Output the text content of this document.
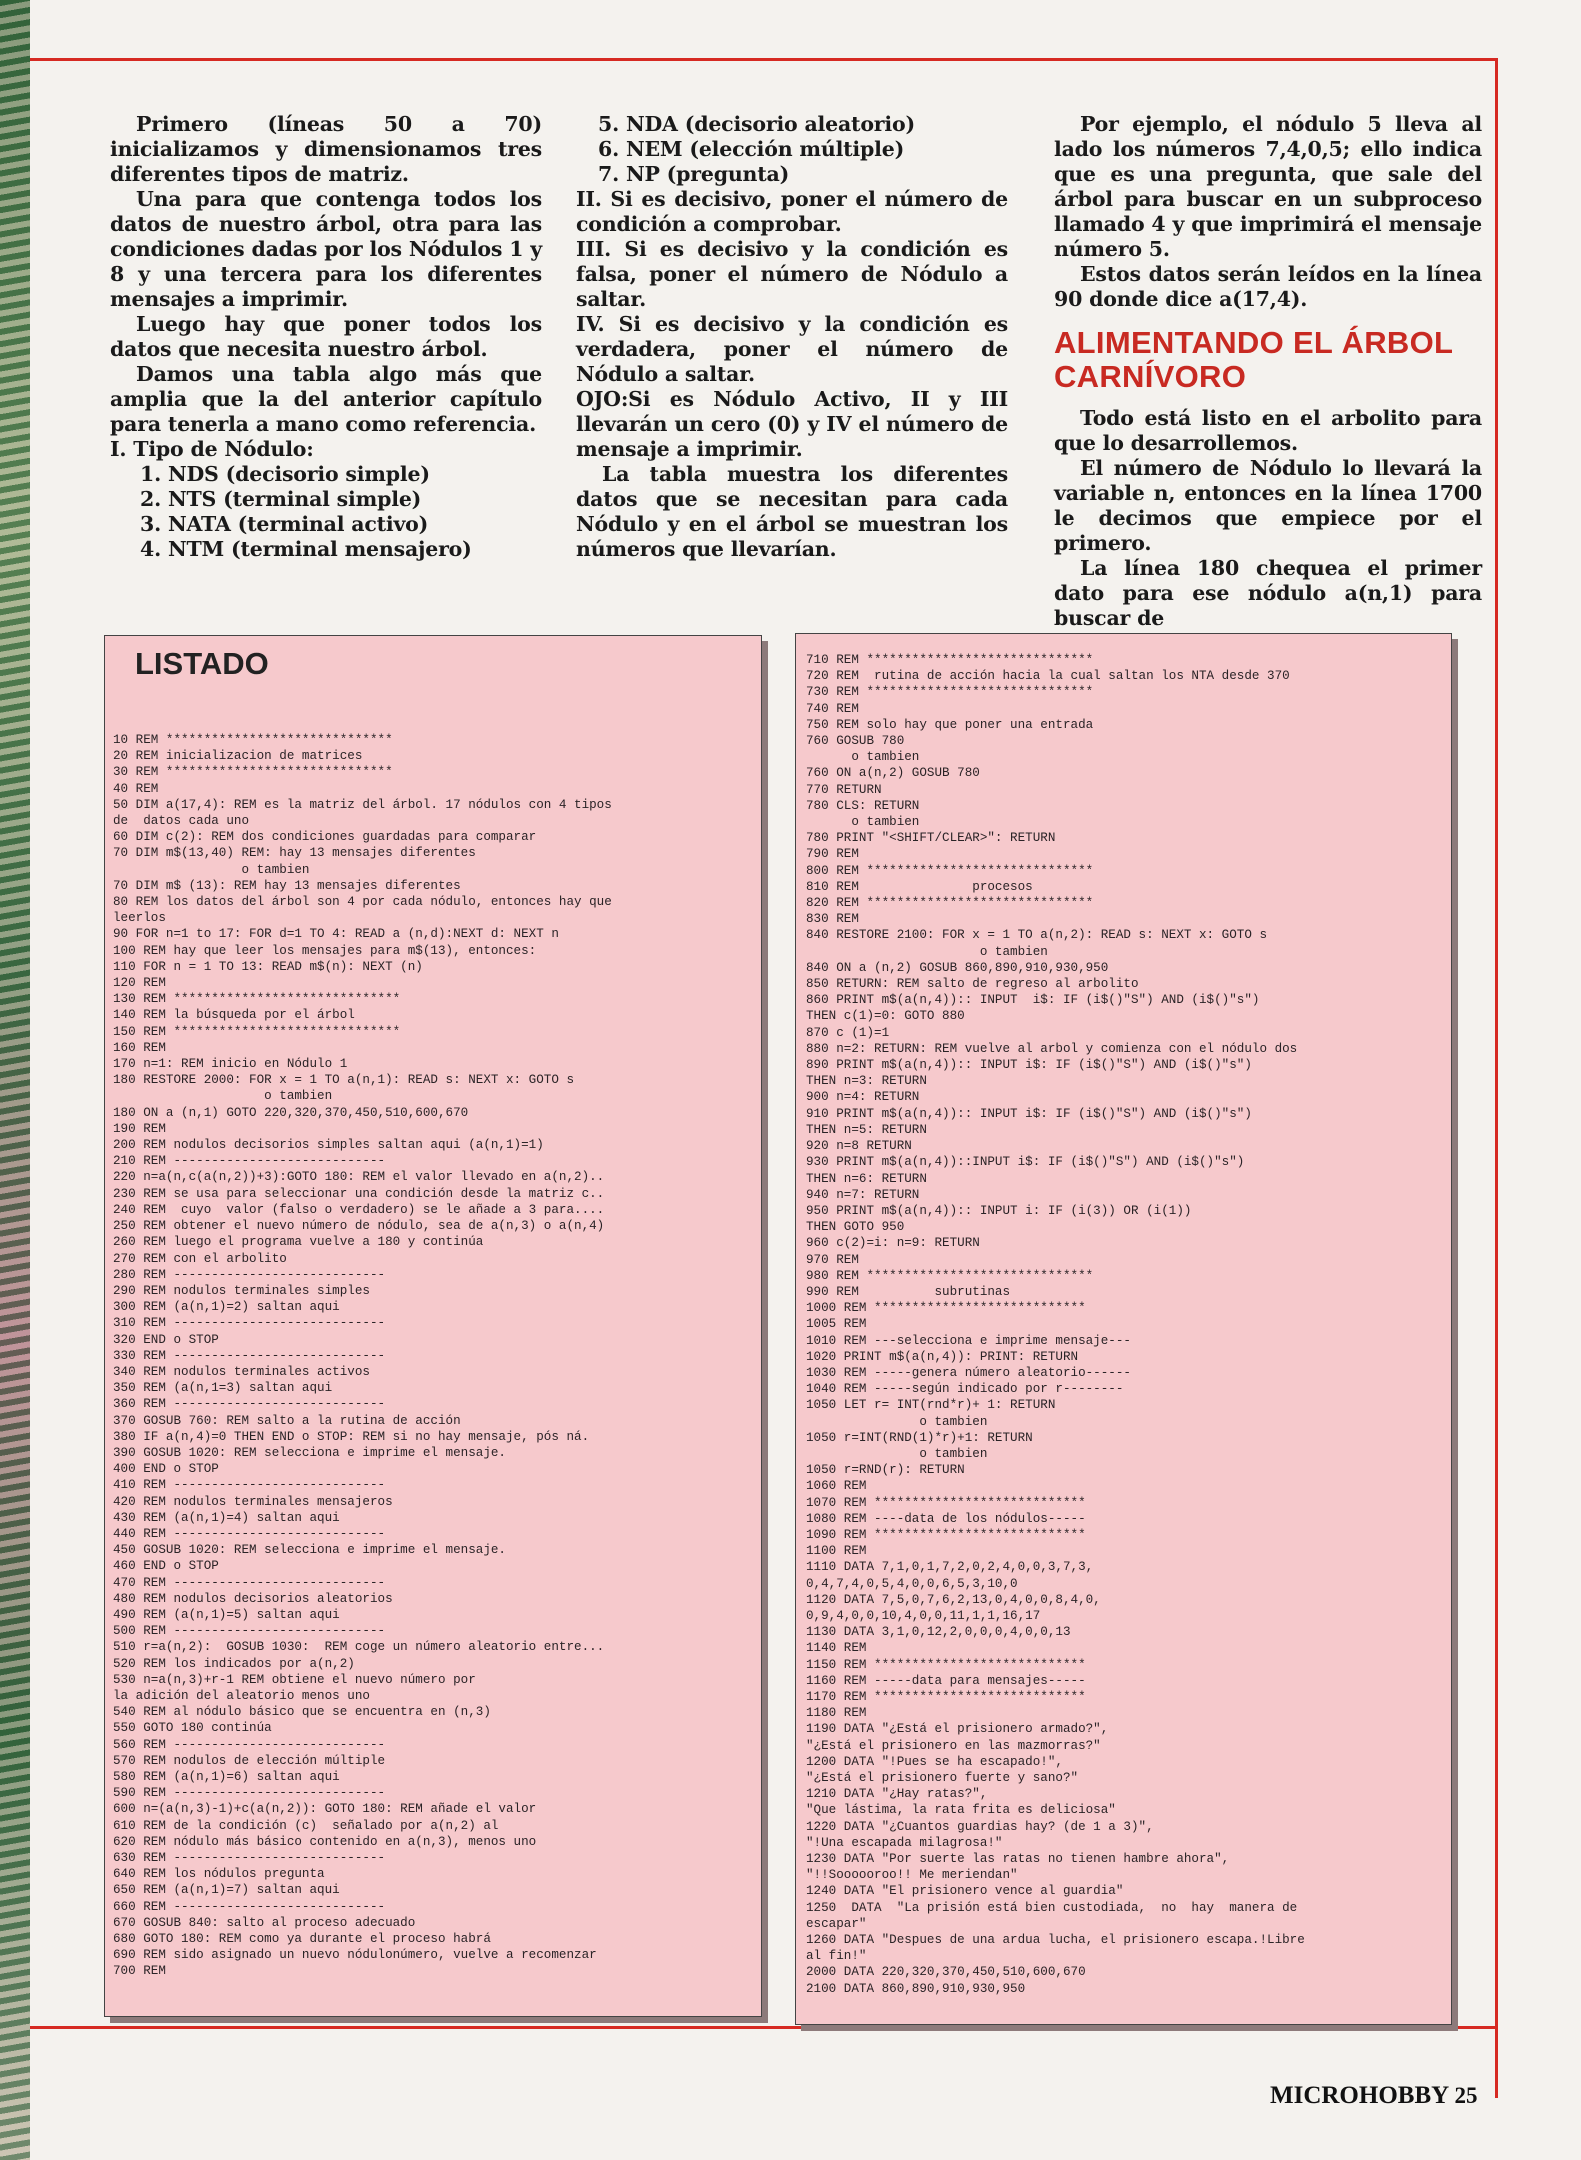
Primero (líneas 50 a 70) inicializamos y dimensionamos tres diferentes tipos de matriz.

Una para que contenga todos los datos de nuestro árbol, otra para las condiciones dadas por los Nódulos 1 y 8 y una tercera para los diferentes mensajes a imprimir.

Luego hay que poner todos los datos que necesita nuestro árbol.

Damos una tabla algo más que amplia que la del anterior capítulo para tenerla a mano como referencia.

I. Tipo de Nódulo:

1. NDS (decisorio simple)

2. NTS (terminal simple)

3. NATA (terminal activo)

4. NTM (terminal mensajero)

5. NDA (decisorio aleatorio)

6. NEM (elección múltiple)

7. NP (pregunta)

II. Si es decisivo, poner el número de condición a comprobar.

III. Si es decisivo y la condición es falsa, poner el número de Nódulo a saltar.

IV. Si es decisivo y la condición es verdadera, poner el número de Nódulo a saltar.

OJO:Si es Nódulo Activo, II y III llevarán un cero (0) y IV el número de mensaje a imprimir.

La tabla muestra los diferentes datos que se necesitan para cada Nódulo y en el árbol se muestran los números que llevarían.

Por ejemplo, el nódulo 5 lleva al lado los números 7,4,0,5; ello indica que es una pregunta, que sale del árbol para buscar en un subproceso llamado 4 y que imprimirá el mensaje número 5.

Estos datos serán leídos en la línea 90 donde dice a(17,4).

ALIMENTANDO EL ÁRBOL CARNÍVORO

Todo está listo en el arbolito para que lo desarrollemos.

El número de Nódulo lo llevará la variable n, entonces en la línea 1700 le decimos que empiece por el primero.

La línea 180 chequea el primer dato para ese nódulo a(n,1) para buscar de

LISTADO
10 REM ******************************
20 REM inicializacion de matrices
30 REM ******************************
40 REM
50 DIM a(17,4): REM es la matriz del árbol. 17 nódulos con 4 tipos
de  datos cada uno
60 DIM c(2): REM dos condiciones guardadas para comparar
70 DIM m$(13,40) REM: hay 13 mensajes diferentes
o tambien
70 DIM m$ (13): REM hay 13 mensajes diferentes
80 REM los datos del árbol son 4 por cada nódulo, entonces hay que
leerlos
90 FOR n=1 to 17: FOR d=1 TO 4: READ a (n,d):NEXT d: NEXT n
100 REM hay que leer los mensajes para m$(13), entonces:
110 FOR n = 1 TO 13: READ m$(n): NEXT (n)
120 REM
130 REM ******************************
140 REM la búsqueda por el árbol
150 REM ******************************
160 REM
170 n=1: REM inicio en Nódulo 1
180 RESTORE 2000: FOR x = 1 TO a(n,1): READ s: NEXT x: GOTO s
o tambien
180 ON a (n,1) GOTO 220,320,370,450,510,600,670
190 REM
200 REM nodulos decisorios simples saltan aqui (a(n,1)=1)
210 REM ----------------------------
220 n=a(n,c(a(n,2))+3):GOTO 180: REM el valor llevado en a(n,2)..
230 REM se usa para seleccionar una condición desde la matriz c..
240 REM  cuyo  valor (falso o verdadero) se le añade a 3 para....
250 REM obtener el nuevo número de nódulo, sea de a(n,3) o a(n,4)
260 REM luego el programa vuelve a 180 y continúa
270 REM con el arbolito
280 REM ----------------------------
290 REM nodulos terminales simples
300 REM (a(n,1)=2) saltan aqui
310 REM ----------------------------
320 END o STOP
330 REM ----------------------------
340 REM nodulos terminales activos
350 REM (a(n,1=3) saltan aqui
360 REM ----------------------------
370 GOSUB 760: REM salto a la rutina de acción
380 IF a(n,4)=0 THEN END o STOP: REM si no hay mensaje, pós ná.
390 GOSUB 1020: REM selecciona e imprime el mensaje.
400 END o STOP
410 REM ----------------------------
420 REM nodulos terminales mensajeros
430 REM (a(n,1)=4) saltan aqui
440 REM ----------------------------
450 GOSUB 1020: REM selecciona e imprime el mensaje.
460 END o STOP
470 REM ----------------------------
480 REM nodulos decisorios aleatorios
490 REM (a(n,1)=5) saltan aqui
500 REM ----------------------------
510 r=a(n,2):  GOSUB 1030:  REM coge un número aleatorio entre...
520 REM los indicados por a(n,2)
530 n=a(n,3)+r-1 REM obtiene el nuevo número por
la adición del aleatorio menos uno
540 REM al nódulo básico que se encuentra en (n,3)
550 GOTO 180 continúa
560 REM ----------------------------
570 REM nodulos de elección múltiple
580 REM (a(n,1)=6) saltan aqui
590 REM ----------------------------
600 n=(a(n,3)-1)+c(a(n,2)): GOTO 180: REM añade el valor
610 REM de la condición (c)  señalado por a(n,2) al
620 REM nódulo más básico contenido en a(n,3), menos uno
630 REM ----------------------------
640 REM los nódulos pregunta
650 REM (a(n,1)=7) saltan aqui
660 REM ----------------------------
670 GOSUB 840: salto al proceso adecuado
680 GOTO 180: REM como ya durante el proceso habrá
690 REM sido asignado un nuevo nódulonúmero, vuelve a recomenzar
700 REM
710 REM ******************************
720 REM  rutina de acción hacia la cual saltan los NTA desde 370
730 REM ******************************
740 REM
750 REM solo hay que poner una entrada
760 GOSUB 780
o tambien
760 ON a(n,2) GOSUB 780
770 RETURN
780 CLS: RETURN
o tambien
780 PRINT "<SHIFT/CLEAR>": RETURN
790 REM
800 REM ******************************
810 REM               procesos
820 REM ******************************
830 REM
840 RESTORE 2100: FOR x = 1 TO a(n,2): READ s: NEXT x: GOTO s
o tambien
840 ON a (n,2) GOSUB 860,890,910,930,950
850 RETURN: REM salto de regreso al arbolito
860 PRINT m$(a(n,4)):: INPUT  i$: IF (i$()"S") AND (i$()"s")
THEN c(1)=0: GOTO 880
870 c (1)=1
880 n=2: RETURN: REM vuelve al arbol y comienza con el nódulo dos
890 PRINT m$(a(n,4)):: INPUT i$: IF (i$()"S") AND (i$()"s")
THEN n=3: RETURN
900 n=4: RETURN
910 PRINT m$(a(n,4)):: INPUT i$: IF (i$()"S") AND (i$()"s")
THEN n=5: RETURN
920 n=8 RETURN
930 PRINT m$(a(n,4))::INPUT i$: IF (i$()"S") AND (i$()"s")
THEN n=6: RETURN
940 n=7: RETURN
950 PRINT m$(a(n,4)):: INPUT i: IF (i(3)) OR (i(1))
THEN GOTO 950
960 c(2)=i: n=9: RETURN
970 REM
980 REM ******************************
990 REM          subrutinas
1000 REM ****************************
1005 REM
1010 REM ---selecciona e imprime mensaje---
1020 PRINT m$(a(n,4)): PRINT: RETURN
1030 REM -----genera número aleatorio------
1040 REM -----según indicado por r--------
1050 LET r= INT(rnd*r)+ 1: RETURN
o tambien
1050 r=INT(RND(1)*r)+1: RETURN
o tambien
1050 r=RND(r): RETURN
1060 REM
1070 REM ****************************
1080 REM ----data de los nódulos-----
1090 REM ****************************
1100 REM
1110 DATA 7,1,0,1,7,2,0,2,4,0,0,3,7,3,
0,4,7,4,0,5,4,0,0,6,5,3,10,0
1120 DATA 7,5,0,7,6,2,13,0,4,0,0,8,4,0,
0,9,4,0,0,10,4,0,0,11,1,1,16,17
1130 DATA 3,1,0,12,2,0,0,0,4,0,0,13
1140 REM
1150 REM ****************************
1160 REM -----data para mensajes-----
1170 REM ****************************
1180 REM
1190 DATA "¿Está el prisionero armado?",
"¿Está el prisionero en las mazmorras?"
1200 DATA "!Pues se ha escapado!",
"¿Está el prisionero fuerte y sano?"
1210 DATA "¿Hay ratas?",
"Que lástima, la rata frita es deliciosa"
1220 DATA "¿Cuantos guardias hay? (de 1 a 3)",
"!Una escapada milagrosa!"
1230 DATA "Por suerte las ratas no tienen hambre ahora",
"!!Soooooroo!! Me meriendan"
1240 DATA "El prisionero vence al guardia"
1250  DATA  "La prisión está bien custodiada,  no  hay  manera de
escapar"
1260 DATA "Despues de una ardua lucha, el prisionero escapa.!Libre
al fin!"
2000 DATA 220,320,370,450,510,600,670
2100 DATA 860,890,910,930,950
MICROHOBBY 25
